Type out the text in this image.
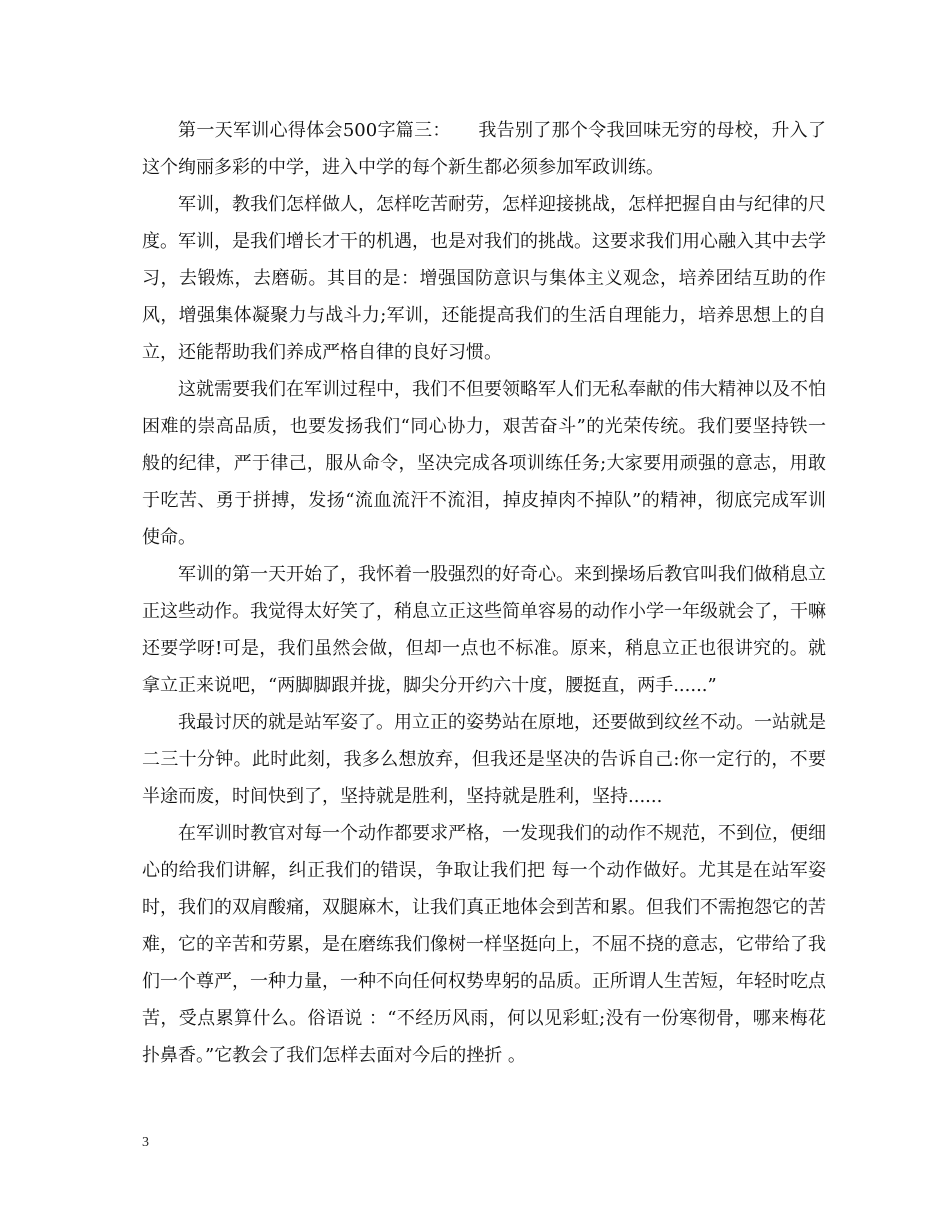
第一天军训心得体会500字篇三：　　我告别了那个令我回味无穷的母校，升入了这个绚丽多彩的中学，进入中学的每个新生都必须参加军政训练。

军训，教我们怎样做人，怎样吃苦耐劳，怎样迎接挑战，怎样把握自由与纪律的尺度。军训，是我们增长才干的机遇，也是对我们的挑战。这要求我们用心融入其中去学习，去锻炼，去磨砺。其目的是：增强国防意识与集体主义观念，培养团结互助的作风，增强集体凝聚力与战斗力;军训，还能提高我们的生活自理能力，培养思想上的自立，还能帮助我们养成严格自律的良好习惯。

这就需要我们在军训过程中，我们不但要领略军人们无私奉献的伟大精神以及不怕困难的崇高品质，也要发扬我们“同心协力，艰苦奋斗”的光荣传统。我们要坚持铁一般的纪律，严于律己，服从命令，坚决完成各项训练任务;大家要用顽强的意志，用敢于吃苦、勇于拼搏，发扬“流血流汗不流泪，掉皮掉肉不掉队”的精神，彻底完成军训使命。

军训的第一天开始了，我怀着一股强烈的好奇心。来到操场后教官叫我们做稍息立正这些动作。我觉得太好笑了，稍息立正这些简单容易的动作小学一年级就会了，干嘛还要学呀!可是，我们虽然会做，但却一点也不标准。原来，稍息立正也很讲究的。就拿立正来说吧，“两脚脚跟并拢，脚尖分开约六十度，腰挺直，两手......”

我最讨厌的就是站军姿了。用立正的姿势站在原地，还要做到纹丝不动。一站就是二三十分钟。此时此刻，我多么想放弃，但我还是坚决的告诉自己:你一定行的，不要半途而废，时间快到了，坚持就是胜利，坚持就是胜利，坚持......

在军训时教官对每一个动作都要求严格，一发现我们的动作不规范，不到位，便细心的给我们讲解，纠正我们的错误，争取让我们把 每一个动作做好。尤其是在站军姿时，我们的双肩酸痛，双腿麻木，让我们真正地体会到苦和累。但我们不需抱怨它的苦难，它的辛苦和劳累，是在磨练我们像树一样坚挺向上，不屈不挠的意志，它带给了我们一个尊严，一种力量，一种不向任何权势卑躬的品质。正所谓人生苦短，年轻时吃点苦，受点累算什么。俗语说 ：“不经历风雨，何以见彩虹;没有一份寒彻骨，哪来梅花扑鼻香。”它教会了我们怎样去面对今后的挫折 。

3
